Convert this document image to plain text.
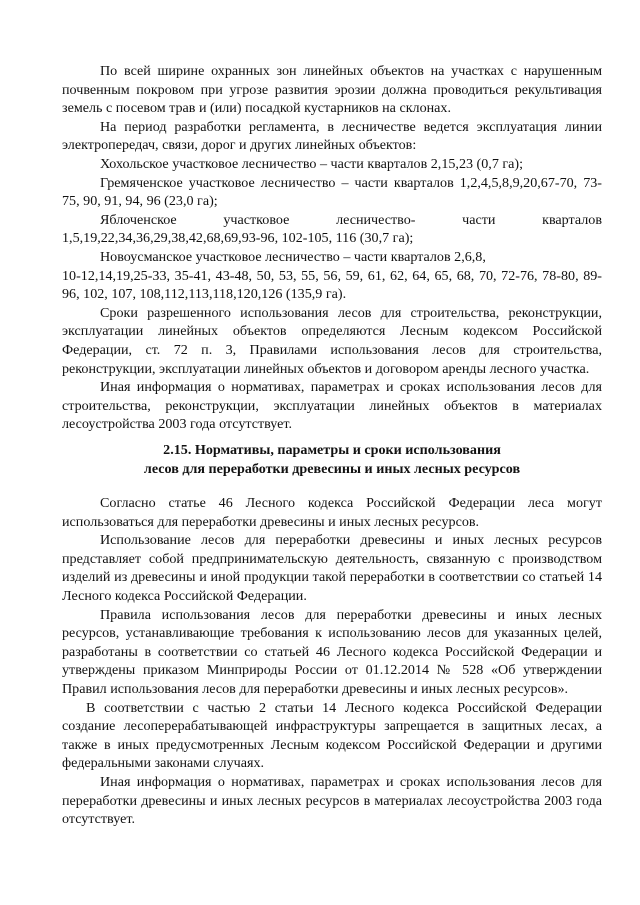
По всей ширине охранных зон линейных объектов на участках с нарушенным почвенным покровом при угрозе развития эрозии должна проводиться рекультивация земель с посевом трав и (или) посадкой кустарников на склонах.

На период разработки регламента, в лесничестве ведется эксплуатация линии электропередач, связи, дорог и других линейных объектов:

Хохольское участковое лесничество – части кварталов 2,15,23 (0,7 га);

Гремяченское участковое лесничество – части кварталов 1,2,4,5,8,9,20,67-70, 73-75, 90, 91, 94, 96 (23,0 га);

Яблоченское	участковое	лесничество-	части	кварталов

1,5,19,22,34,36,29,38,42,68,69,93-96, 102-105, 116 (30,7 га);

Новоусманское участковое лесничество – части кварталов 2,6,8,

10-12,14,19,25-33, 35-41, 43-48, 50, 53, 55, 56, 59, 61, 62, 64, 65, 68, 70, 72-76, 78-80, 89-96, 102, 107, 108,112,113,118,120,126 (135,9 га).

Сроки разрешенного использования лесов для строительства, реконструкции, эксплуатации линейных объектов определяются Лесным кодексом Российской Федерации, ст. 72 п. 3, Правилами использования лесов для строительства, реконструкции, эксплуатации линейных объектов и договором аренды лесного участка.

Иная информация о нормативах, параметрах и сроках использования лесов для строительства, реконструкции, эксплуатации линейных объектов в материалах лесоустройства 2003 года отсутствует.

2.15. Нормативы, параметры и сроки использования
лесов для переработки древесины и иных лесных ресурсов

Согласно статье 46 Лесного кодекса Российской Федерации леса могут использоваться для переработки древесины и иных лесных ресурсов.

Использование лесов для переработки древесины и иных лесных ресурсов представляет собой предпринимательскую деятельность, связанную с производством изделий из древесины и иной продукции такой переработки в соответствии со статьей 14 Лесного кодекса Российской Федерации.

Правила использования лесов для переработки древесины и иных лесных ресурсов, устанавливающие требования к использованию лесов для указанных целей, разработаны в соответствии со статьей 46 Лесного кодекса Российской Федерации и утверждены приказом Минприроды России от 01.12.2014 № 528 «Об утверждении Правил использования лесов для переработки древесины и иных лесных ресурсов».

В соответствии с частью 2 статьи 14 Лесного кодекса Российской Федерации создание лесоперерабатывающей инфраструктуры запрещается в защитных лесах, а также в иных предусмотренных Лесным кодексом Российской Федерации и другими федеральными законами случаях.

Иная информация о нормативах, параметрах и сроках использования лесов для переработки древесины и иных лесных ресурсов в материалах лесоустройства 2003 года отсутствует.
